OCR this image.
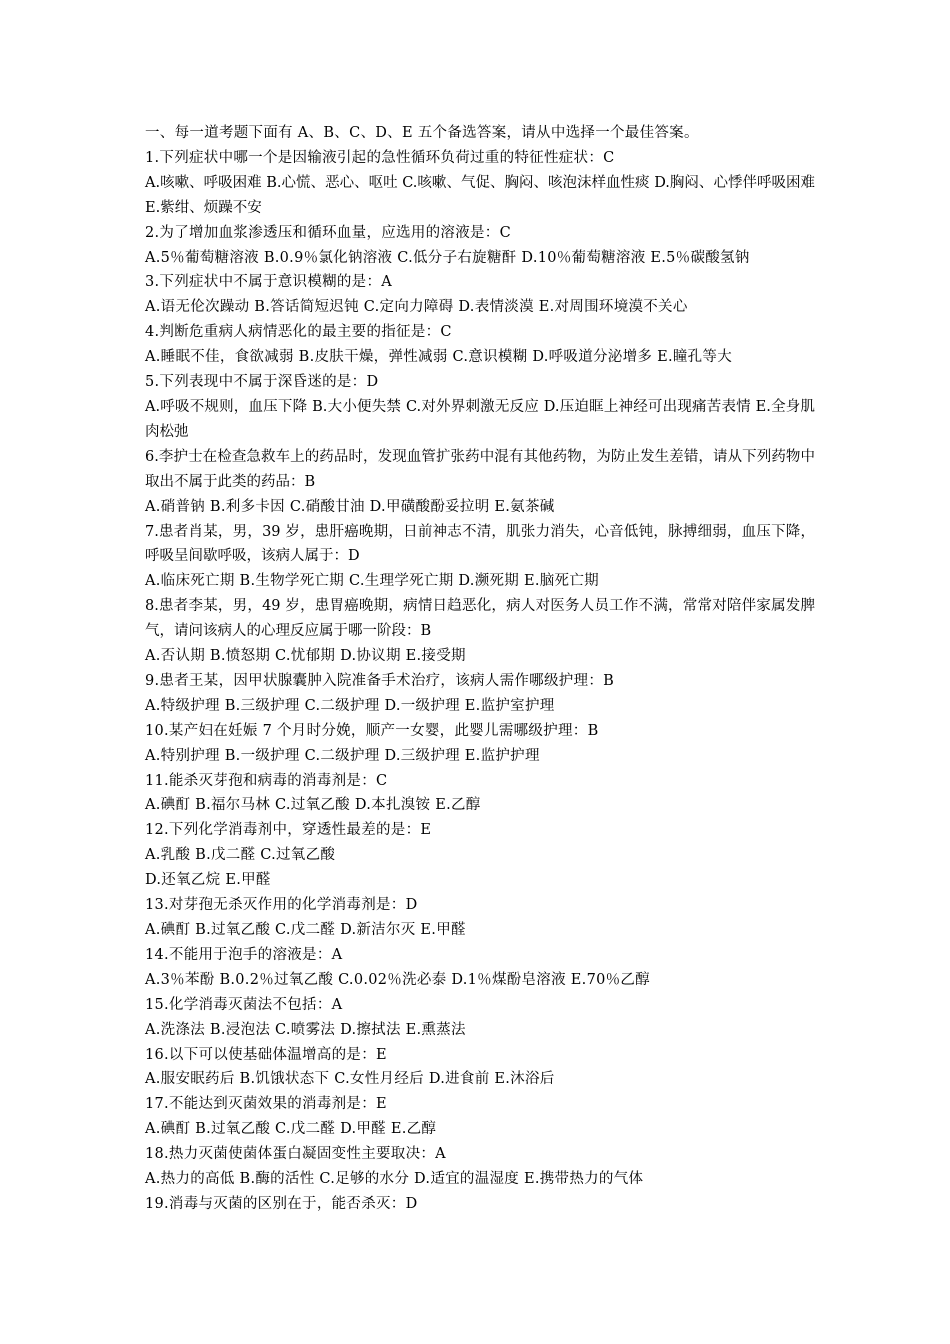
一、每一道考题下面有 A、B、C、D、E 五个备选答案，请从中选择一个最佳答案。
1.下列症状中哪一个是因输液引起的急性循环负荷过重的特征性症状：C
A.咳嗽、呼吸困难 B.心慌、恶心、呕吐 C.咳嗽、气促、胸闷、咳泡沫样血性痰 D.胸闷、心悸伴呼吸困难 E.紫绀、烦躁不安
2.为了增加血浆渗透压和循环血量，应选用的溶液是：C
A.5％葡萄糖溶液 B.0.9％氯化钠溶液 C.低分子右旋糖酐 D.10％葡萄糖溶液 E.5％碳酸氢钠
3.下列症状中不属于意识模糊的是：A
A.语无伦次躁动 B.答话简短迟钝 C.定向力障碍 D.表情淡漠 E.对周围环境漠不关心
4.判断危重病人病情恶化的最主要的指征是：C
A.睡眠不佳，食欲减弱 B.皮肤干燥，弹性减弱 C.意识模糊 D.呼吸道分泌增多 E.瞳孔等大
5.下列表现中不属于深昏迷的是：D
A.呼吸不规则，血压下降 B.大小便失禁 C.对外界刺激无反应 D.压迫眶上神经可出现痛苦表情 E.全身肌肉松弛
6.李护士在检查急救车上的药品时，发现血管扩张药中混有其他药物，为防止发生差错，请从下列药物中取出不属于此类的药品：B
A.硝普钠 B.利多卡因 C.硝酸甘油 D.甲磺酸酚妥拉明 E.氨茶碱
7.患者肖某，男，39 岁，患肝癌晚期，日前神志不清，肌张力消失，心音低钝，脉搏细弱，血压下降，呼吸呈间歇呼吸，该病人属于：D
A.临床死亡期 B.生物学死亡期 C.生理学死亡期 D.濒死期 E.脑死亡期
8.患者李某，男，49 岁，患胃癌晚期，病情日趋恶化，病人对医务人员工作不满，常常对陪伴家属发脾气，请问该病人的心理反应属于哪一阶段：B
A.否认期 B.愤怒期 C.忧郁期 D.协议期 E.接受期
9.患者王某，因甲状腺囊肿入院准备手术治疗，该病人需作哪级护理：B
A.特级护理 B.三级护理 C.二级护理 D.一级护理 E.监护室护理
10.某产妇在妊娠 7 个月时分娩，顺产一女婴，此婴儿需哪级护理：B
A.特别护理 B.一级护理 C.二级护理 D.三级护理 E.监护护理
11.能杀灭芽孢和病毒的消毒剂是：C
A.碘酊 B.福尔马林 C.过氧乙酸 D.本扎溴铵 E.乙醇
12.下列化学消毒剂中，穿透性最差的是：E
A.乳酸 B.戊二醛 C.过氧乙酸
D.还氧乙烷 E.甲醛
13.对芽孢无杀灭作用的化学消毒剂是：D
A.碘酊 B.过氧乙酸 C.戊二醛 D.新洁尔灭 E.甲醛
14.不能用于泡手的溶液是：A
A.3％苯酚 B.0.2％过氧乙酸 C.0.02％洗必泰 D.1％煤酚皂溶液 E.70％乙醇
15.化学消毒灭菌法不包括：A
A.洗涤法 B.浸泡法 C.喷雾法 D.擦拭法 E.熏蒸法
16.以下可以使基础体温增高的是：E
A.服安眠药后 B.饥饿状态下 C.女性月经后 D.进食前 E.沐浴后
17.不能达到灭菌效果的消毒剂是：E
A.碘酊 B.过氧乙酸 C.戊二醛 D.甲醛 E.乙醇
18.热力灭菌使菌体蛋白凝固变性主要取决：A
A.热力的高低 B.酶的活性 C.足够的水分 D.适宜的温湿度 E.携带热力的气体
19.消毒与灭菌的区别在于，能否杀灭：D
